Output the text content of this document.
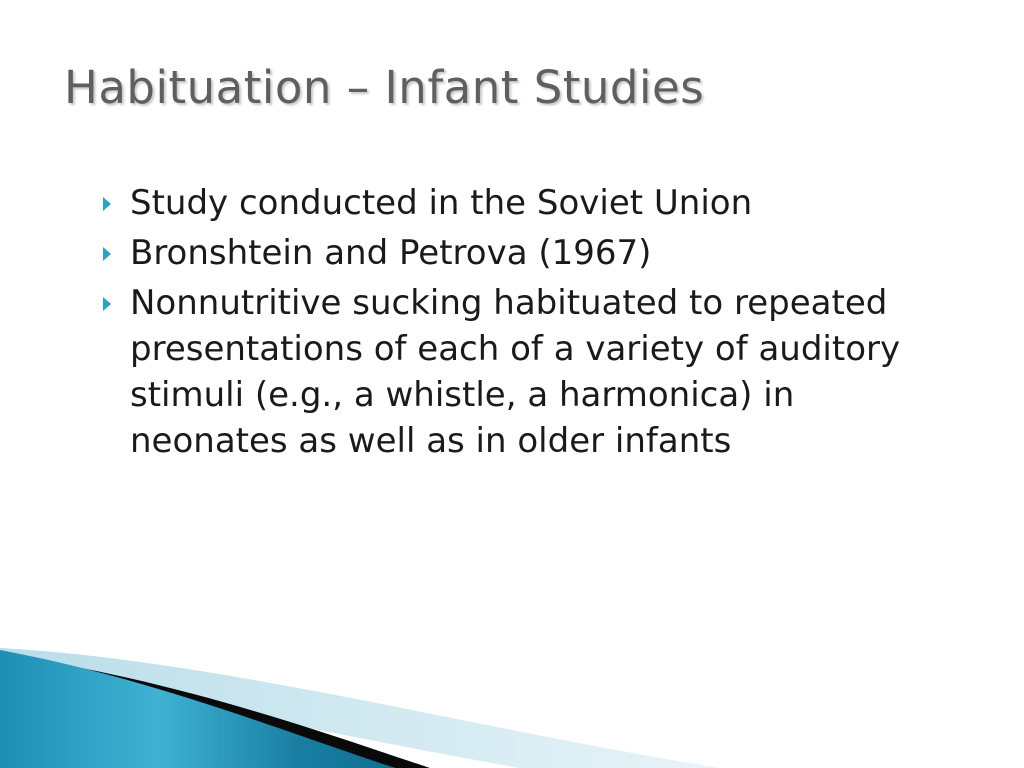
Habituation – Infant Studies
Study conducted in the Soviet Union
Bronshtein and Petrova (1967)
Nonnutritive sucking habituated to repeated presentations of each of a variety of auditory stimuli (e.g., a whistle, a harmonica) in neonates as well as in older infants
